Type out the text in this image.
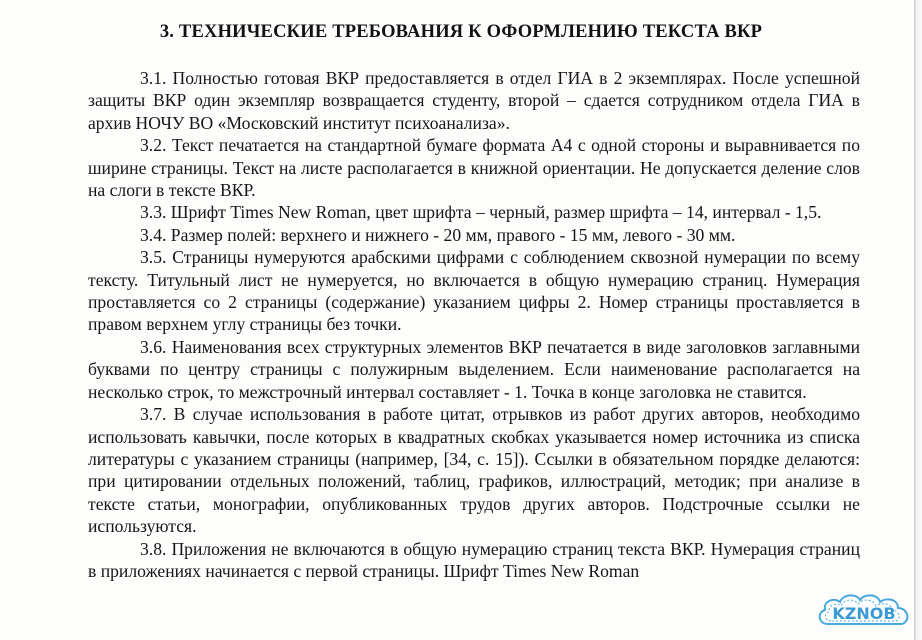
3. ТЕХНИЧЕСКИЕ ТРЕБОВАНИЯ К ОФОРМЛЕНИЮ ТЕКСТА ВКР

3.1. Полностью готовая ВКР предоставляется в отдел ГИА в 2 экземплярах. После успешной защиты ВКР один экземпляр возвращается студенту, второй – сдается сотрудником отдела ГИА в архив НОЧУ ВО «Московский институт психоанализа».

3.2. Текст печатается на стандартной бумаге формата А4 с одной стороны и выравнивается по ширине страницы. Текст на листе располагается в книжной ориентации. Не допускается деление слов на слоги в тексте ВКР.

3.3. Шрифт Times New Roman, цвет шрифта – черный, размер шрифта – 14, интервал - 1,5.

3.4. Размер полей: верхнего и нижнего - 20 мм, правого - 15 мм, левого - 30 мм.

3.5. Страницы нумеруются арабскими цифрами с соблюдением сквозной нумерации по всему тексту. Титульный лист не нумеруется, но включается в общую нумерацию страниц. Нумерация проставляется со 2 страницы (содержание) указанием цифры 2. Номер страницы проставляется в правом верхнем углу страницы без точки.

3.6. Наименования всех структурных элементов ВКР печатается в виде заголовков заглавными буквами по центру страницы с полужирным выделением. Если наименование располагается на несколько строк, то межстрочный интервал составляет - 1. Точка в конце заголовка не ставится.

3.7. В случае использования в работе цитат, отрывков из работ других авторов, необходимо использовать кавычки, после которых в квадратных скобках указывается номер источника из списка литературы с указанием страницы (например, [34, с. 15]). Ссылки в обязательном порядке делаются: при цитировании отдельных положений, таблиц, графиков, иллюстраций, методик; при анализе в тексте статьи, монографии, опубликованных трудов других авторов. Подстрочные ссылки не используются.

3.8. Приложения не включаются в общую нумерацию страниц текста ВКР. Нумерация страниц в приложениях начинается с первой страницы. Шрифт Times New Roman

KZNOB
